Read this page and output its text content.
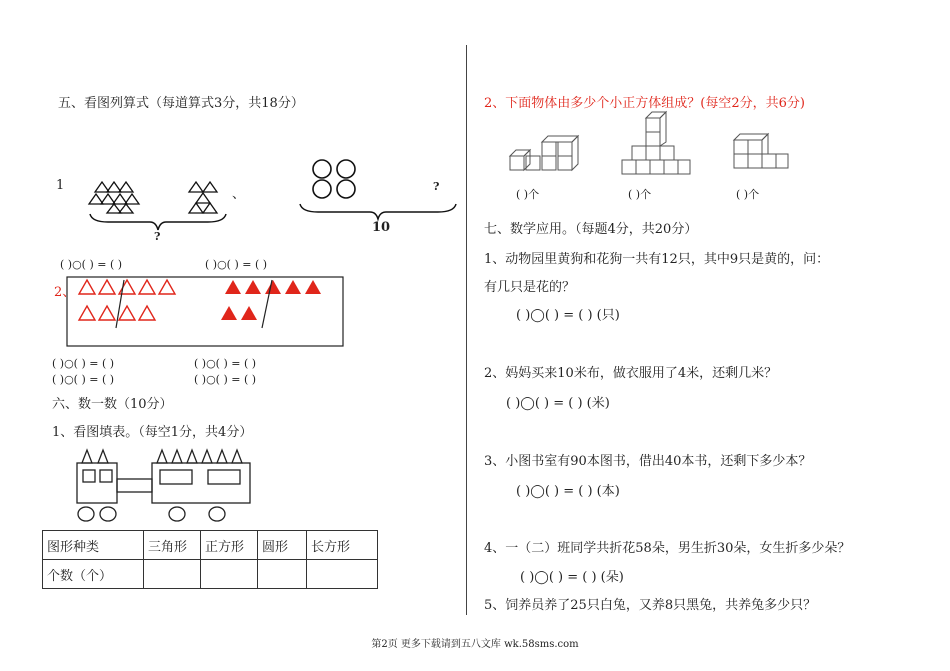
五、看图列算式（每道算式3分，共18分）
1
、
?
?
10
( )○( ) = ( )	( )○( ) = ( )
2、
( )○( ) = ( )	( )○( ) = ( )
( )○( ) = ( )	( )○( ) = ( )
六、数一数（10分）
1、看图填表。（每空1分，共4分）
图形种类	三角形	正方形	圆形	长方形
个数（个）				
2、下面物体由多少个小正方体组成？(每空2分，共6分)
( )个	( )个	( )个
七、数学应用。（每题4分，共20分）
1、动物园里黄狗和花狗一共有12只，其中9只是黄的，问：
有几只是花的？
( )◯( ) = ( ) (只)
2、妈妈买来10米布，做衣服用了4米，还剩几米？
( )◯( ) = ( ) (米)
3、小图书室有90本图书，借出40本书，还剩下多少本？
( )◯( ) = ( ) (本)
4、一（二）班同学共折花58朵，男生折30朵，女生折多少朵？
( )◯( ) = ( ) (朵)
5、饲养员养了25只白兔，又养8只黑兔，共养兔多少只？
第2页 更多下载请到五八文库 wk.58sms.com
